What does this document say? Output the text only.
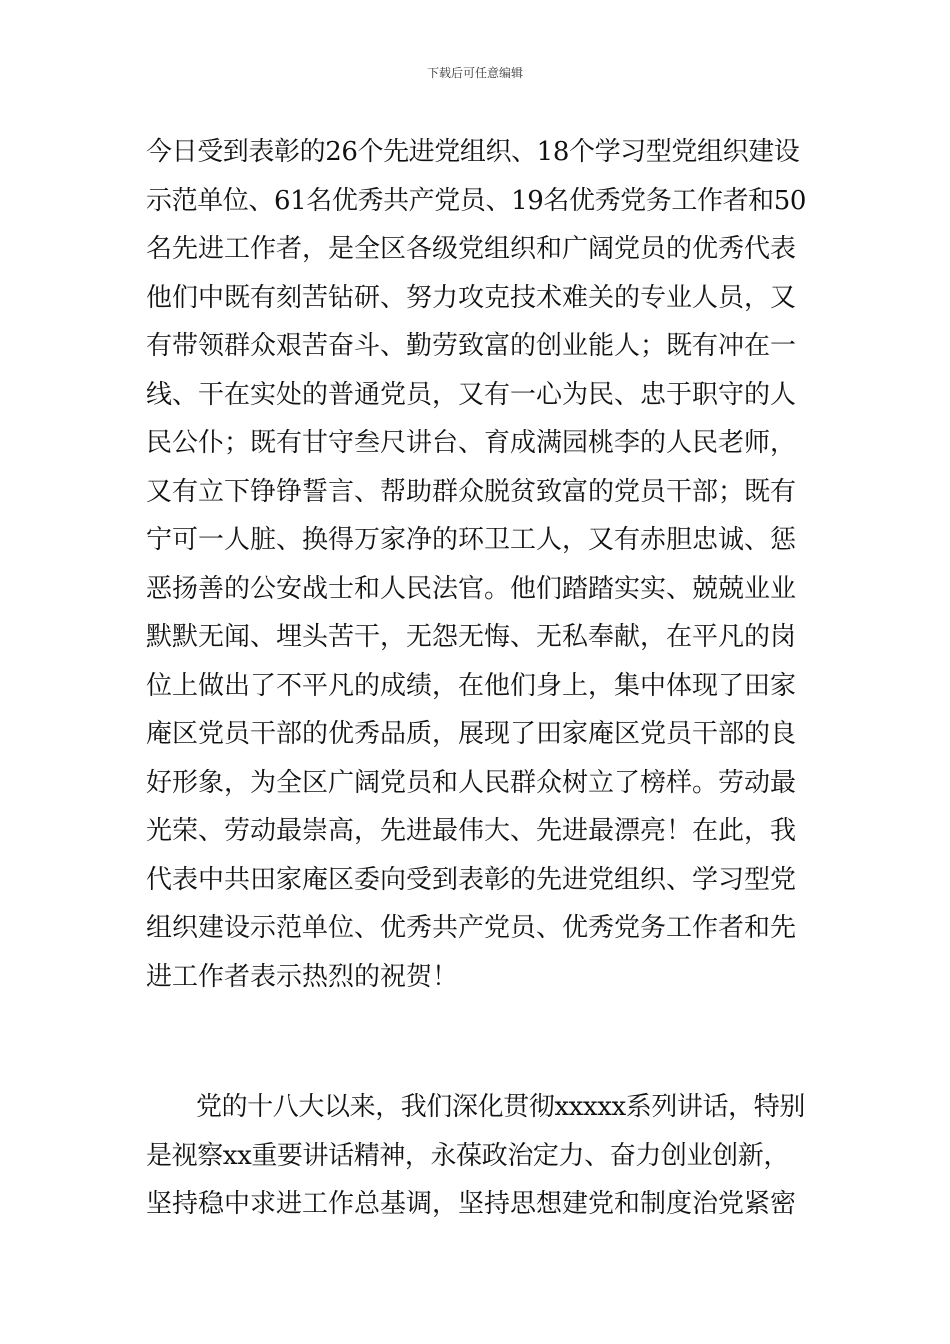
下载后可任意编辑
今日受到表彰的26个先进党组织、18个学习型党组织建设
示范单位、61名优秀共产党员、19名优秀党务工作者和50
名先进工作者，是全区各级党组织和广阔党员的优秀代表
他们中既有刻苦钻研、努力攻克技术难关的专业人员，又
有带领群众艰苦奋斗、勤劳致富的创业能人；既有冲在一
线、干在实处的普通党员，又有一心为民、忠于职守的人
民公仆；既有甘守叁尺讲台、育成满园桃李的人民老师，
又有立下铮铮誓言、帮助群众脱贫致富的党员干部；既有
宁可一人脏、换得万家净的环卫工人，又有赤胆忠诚、惩
恶扬善的公安战士和人民法官。他们踏踏实实、兢兢业业
默默无闻、埋头苦干，无怨无悔、无私奉献，在平凡的岗
位上做出了不平凡的成绩，在他们身上，集中体现了田家
庵区党员干部的优秀品质，展现了田家庵区党员干部的良
好形象，为全区广阔党员和人民群众树立了榜样。劳动最
光荣、劳动最崇高，先进最伟大、先进最漂亮！在此，我
代表中共田家庵区委向受到表彰的先进党组织、学习型党
组织建设示范单位、优秀共产党员、优秀党务工作者和先
进工作者表示热烈的祝贺！
党的十八大以来，我们深化贯彻xxxxx系列讲话，特别
是视察xx重要讲话精神，永葆政治定力、奋力创业创新，
坚持稳中求进工作总基调，坚持思想建党和制度治党紧密
